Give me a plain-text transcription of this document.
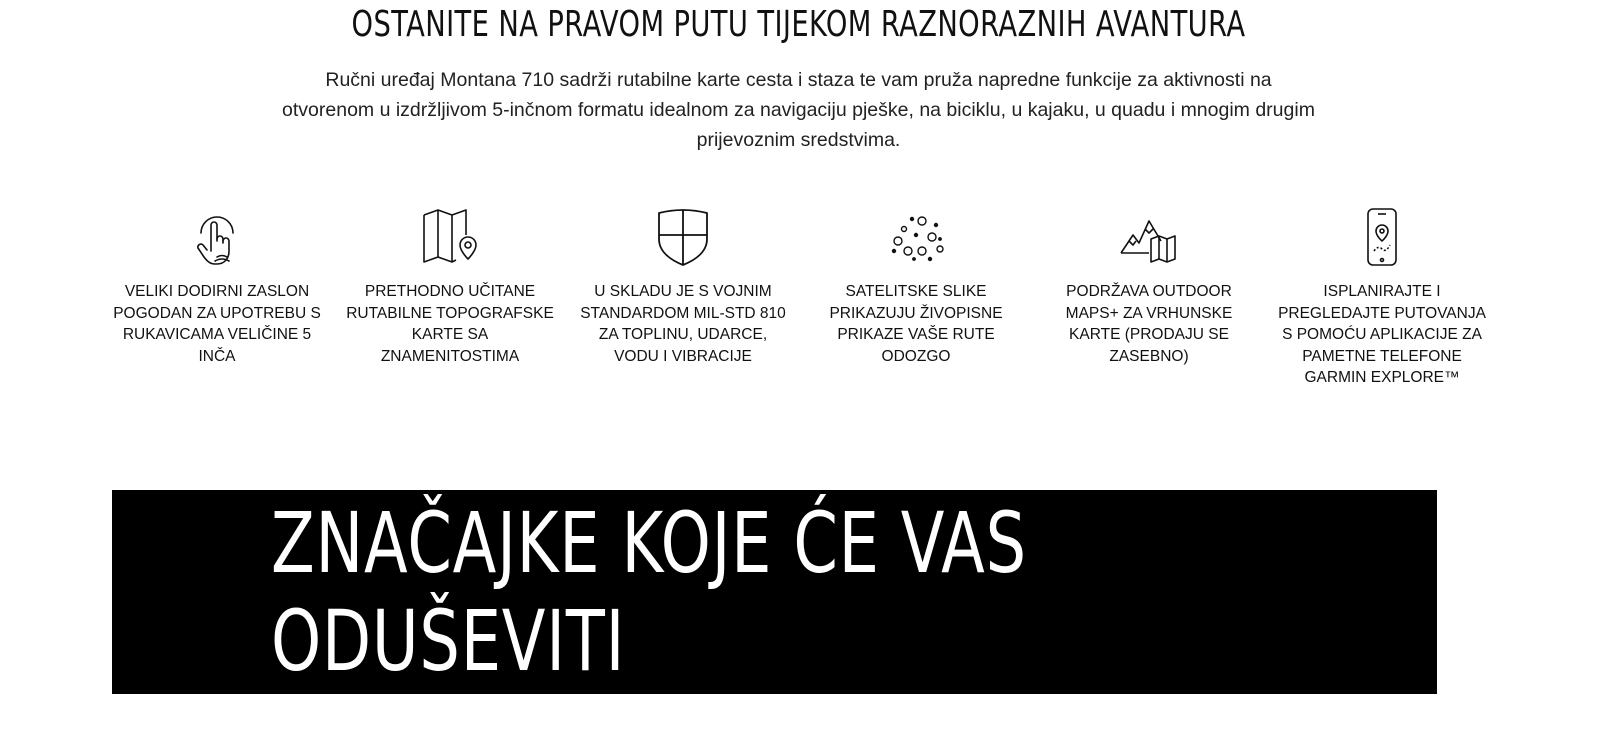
OSTANITE NA PRAVOM PUTU TIJEKOM RAZNORAZNIH AVANTURA

Ručni uređaj Montana 710 sadrži rutabilne karte cesta i staza te vam pruža napredne funkcije za aktivnosti na otvorenom u izdržljivom 5-inčnom formatu idealnom za navigaciju pješke, na biciklu, u kajaku, u quadu i mnogim drugim prijevoznim sredstvima.

VELIKI DODIRNI ZASLON POGODAN ZA UPOTREBU S RUKAVICAMA VELIČINE 5 INČA
PRETHODNO UČITANE RUTABILNE TOPOGRAFSKE KARTE SA ZNAMENITOSTIMA
U SKLADU JE S VOJNIM STANDARDOM MIL-STD 810 ZA TOPLINU, UDARCE, VODU I VIBRACIJE
SATELITSKE SLIKE PRIKAZUJU ŽIVOPISNE PRIKAZE VAŠE RUTE ODOZGO
PODRŽAVA OUTDOOR MAPS+ ZA VRHUNSKE KARTE (PRODAJU SE ZASEBNO)
ISPLANIRAJTE I PREGLEDAJTE PUTOVANJA S POMOĆU APLIKACIJE ZA PAMETNE TELEFONE GARMIN EXPLORE™
ZNAČAJKE KOJE ĆE VAS ODUŠEVITI
